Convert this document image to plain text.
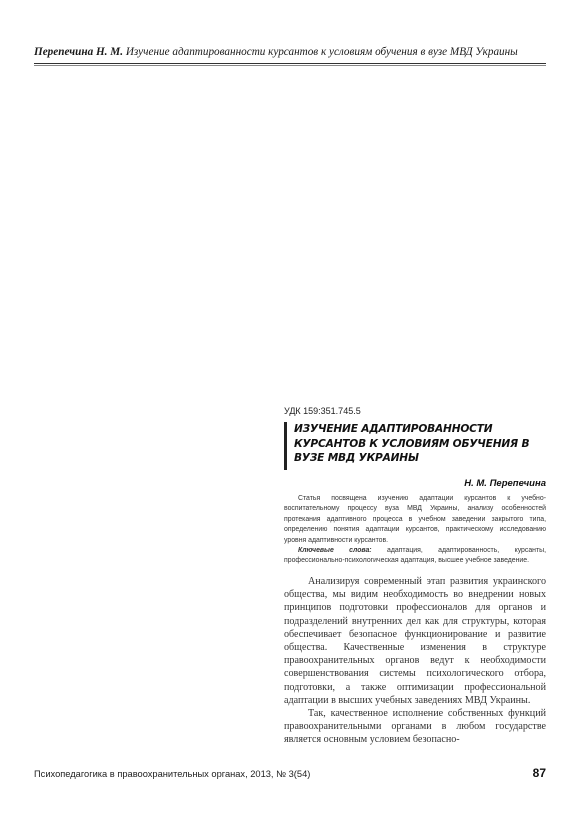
Перепечина Н. М. Изучение адаптированности курсантов к условиям обучения в вузе МВД Украины
УДК 159:351.745.5
ИЗУЧЕНИЕ АДАПТИРОВАННОСТИ КУРСАНТОВ К УСЛОВИЯМ ОБУЧЕНИЯ В ВУЗЕ МВД УКРАИНЫ
Н. М. Перепечина

Статья посвящена изучению адаптации курсантов к учебно-воспитательному процессу вуза МВД Украины, анализу особенностей протекания адаптивного процесса в учебном заведении закрытого типа, определению понятия адаптации курсантов, практическому исследованию уровня адаптивности курсантов.

Ключевые слова: адаптация, адаптированность, курсанты, профессионально-психологическая адаптация, высшее учебное заведение.

Анализируя современный этап развития украинского общества, мы видим необходимость во внедрении новых принципов подготовки профессионалов для органов и подразделений внутренних дел как для структуры, которая обеспечивает безопасное функционирование и развитие общества. Качественные изменения в структуре правоохранительных органов ведут к необходимости совершенствования системы психологического отбора, подготовки, а также оптимизации профессиональной адаптации в высших учебных заведениях МВД Украины.

Так, качественное исполнение собственных функций правоохранительными органами в любом государстве является основным условием безопасно-

Психопедагогика в правоохранительных органах, 2013, № 3(54)	87
